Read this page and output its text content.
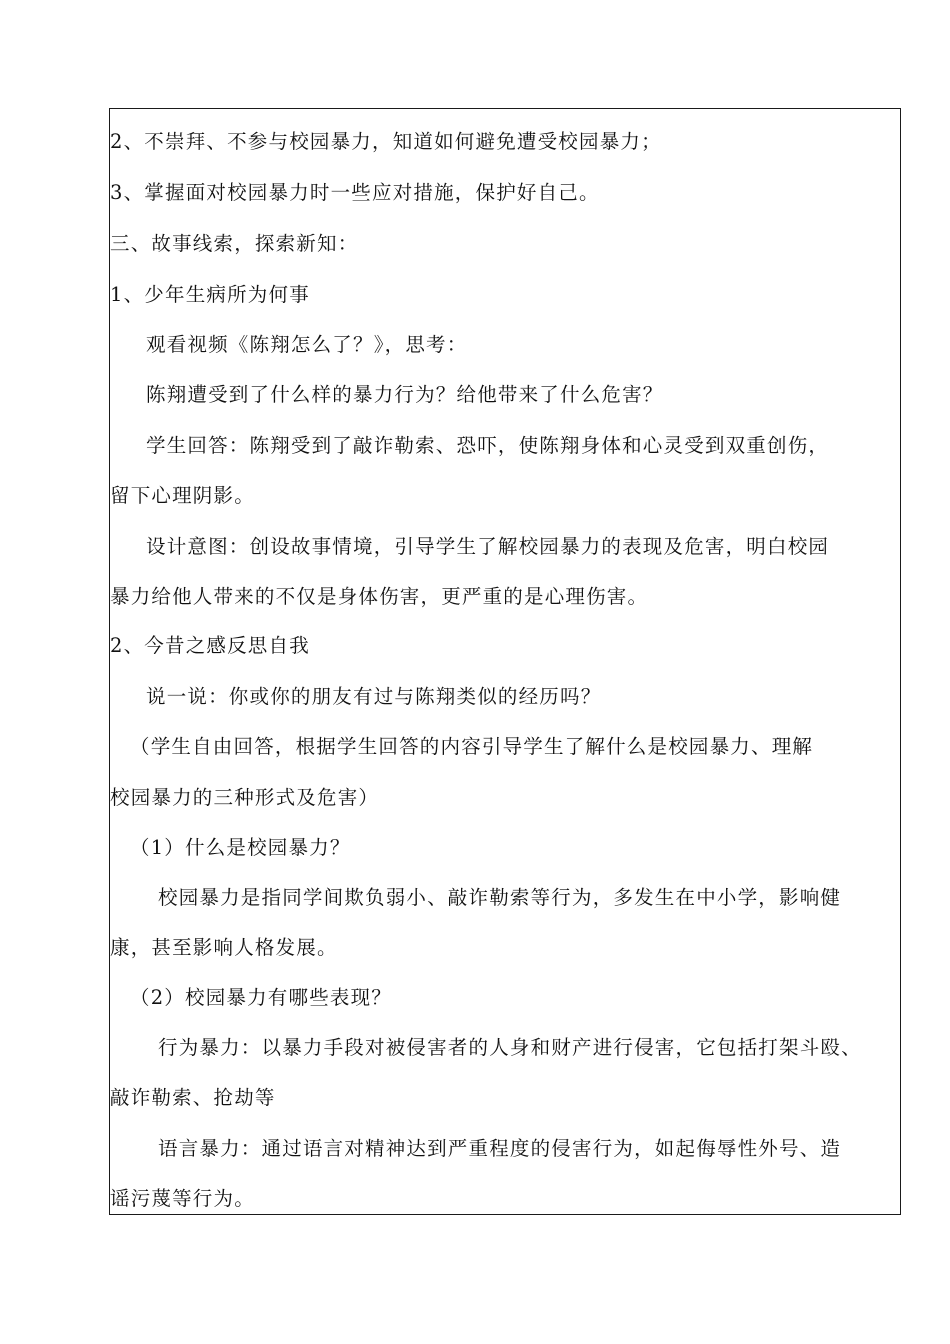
2、不崇拜、不参与校园暴力，知道如何避免遭受校园暴力；
3、掌握面对校园暴力时一些应对措施，保护好自己。
三、故事线索，探索新知：
1、少年生病所为何事
观看视频《陈翔怎么了？》，思考：
陈翔遭受到了什么样的暴力行为？给他带来了什么危害？
学生回答：陈翔受到了敲诈勒索、恐吓，使陈翔身体和心灵受到双重创伤，
留下心理阴影。
设计意图：创设故事情境，引导学生了解校园暴力的表现及危害，明白校园
暴力给他人带来的不仅是身体伤害，更严重的是心理伤害。
2、今昔之感反思自我
说一说：你或你的朋友有过与陈翔类似的经历吗？
（学生自由回答，根据学生回答的内容引导学生了解什么是校园暴力、理解
校园暴力的三种形式及危害）
（1）什么是校园暴力？
校园暴力是指同学间欺负弱小、敲诈勒索等行为，多发生在中小学，影响健
康，甚至影响人格发展。
（2）校园暴力有哪些表现？
行为暴力：以暴力手段对被侵害者的人身和财产进行侵害，它包括打架斗殴、
敲诈勒索、抢劫等
语言暴力：通过语言对精神达到严重程度的侵害行为，如起侮辱性外号、造
谣污蔑等行为。
